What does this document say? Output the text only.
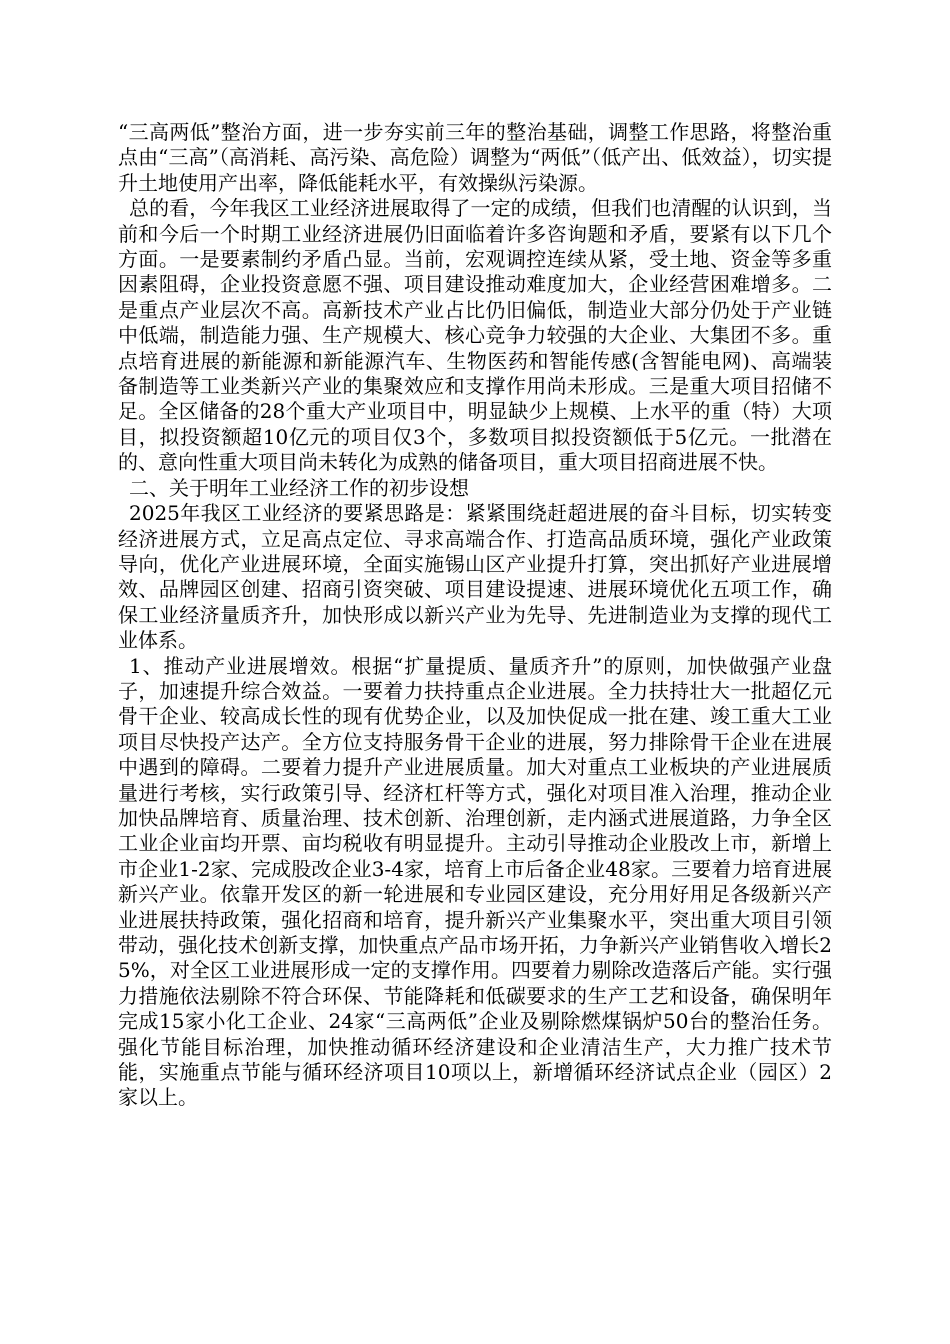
“三高两低”整治方面，进一步夯实前三年的整治基础，调整工作思路，将整治重点由“三高”（高消耗、高污染、高危险）调整为“两低”（低产出、低效益），切实提升土地使用产出率，降低能耗水平，有效操纵污染源。

总的看，今年我区工业经济进展取得了一定的成绩，但我们也清醒的认识到，当前和今后一个时期工业经济进展仍旧面临着许多咨询题和矛盾，要紧有以下几个方面。一是要素制约矛盾凸显。当前，宏观调控连续从紧，受土地、资金等多重因素阻碍，企业投资意愿不强、项目建设推动难度加大，企业经营困难增多。二是重点产业层次不高。高新技术产业占比仍旧偏低，制造业大部分仍处于产业链中低端，制造能力强、生产规模大、核心竞争力较强的大企业、大集团不多。重点培育进展的新能源和新能源汽车、生物医药和智能传感(含智能电网)、高端装备制造等工业类新兴产业的集聚效应和支撑作用尚未形成。三是重大项目招储不足。全区储备的28个重大产业项目中，明显缺少上规模、上水平的重（特）大项目，拟投资额超10亿元的项目仅3个，多数项目拟投资额低于5亿元。一批潜在的、意向性重大项目尚未转化为成熟的储备项目，重大项目招商进展不快。

二、关于明年工业经济工作的初步设想

2025年我区工业经济的要紧思路是：紧紧围绕赶超进展的奋斗目标，切实转变经济进展方式，立足高点定位、寻求高端合作、打造高品质环境，强化产业政策导向，优化产业进展环境，全面实施锡山区产业提升打算，突出抓好产业进展增效、品牌园区创建、招商引资突破、项目建设提速、进展环境优化五项工作，确保工业经济量质齐升，加快形成以新兴产业为先导、先进制造业为支撑的现代工业体系。

1、推动产业进展增效。根据“扩量提质、量质齐升”的原则，加快做强产业盘子，加速提升综合效益。一要着力扶持重点企业进展。全力扶持壮大一批超亿元骨干企业、较高成长性的现有优势企业，以及加快促成一批在建、竣工重大工业项目尽快投产达产。全方位支持服务骨干企业的进展，努力排除骨干企业在进展中遇到的障碍。二要着力提升产业进展质量。加大对重点工业板块的产业进展质量进行考核，实行政策引导、经济杠杆等方式，强化对项目准入治理，推动企业加快品牌培育、质量治理、技术创新、治理创新，走内涵式进展道路，力争全区工业企业亩均开票、亩均税收有明显提升。主动引导推动企业股改上市，新增上市企业1-2家、完成股改企业3-4家，培育上市后备企业48家。三要着力培育进展新兴产业。依靠开发区的新一轮进展和专业园区建设，充分用好用足各级新兴产业进展扶持政策，强化招商和培育，提升新兴产业集聚水平，突出重大项目引领带动，强化技术创新支撑，加快重点产品市场开拓，力争新兴产业销售收入增长25%，对全区工业进展形成一定的支撑作用。四要着力剔除改造落后产能。实行强力措施依法剔除不符合环保、节能降耗和低碳要求的生产工艺和设备，确保明年完成15家小化工企业、24家“三高两低”企业及剔除燃煤锅炉50台的整治任务。强化节能目标治理，加快推动循环经济建设和企业清洁生产，大力推广技术节能，实施重点节能与循环经济项目10项以上，新增循环经济试点企业（园区）2家以上。
